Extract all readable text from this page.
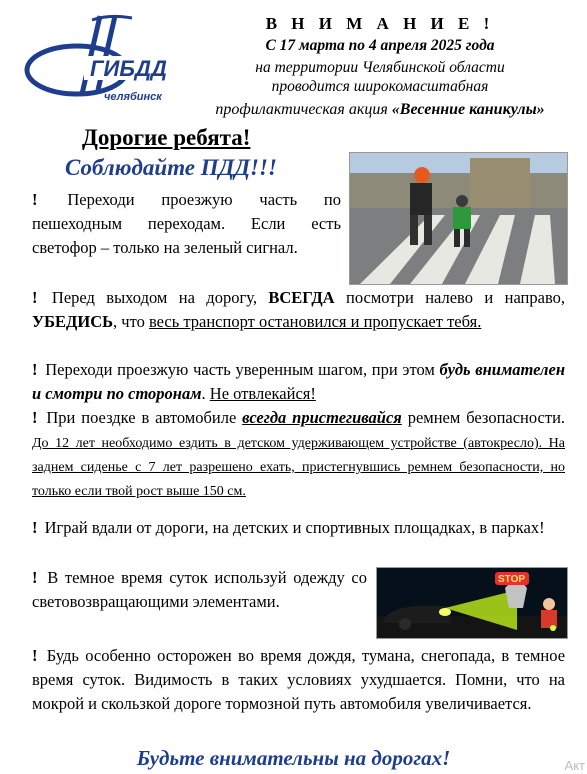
ГИБДД
челябинск
В Н И М А Н И Е !
С 17 марта по 4 апреля 2025 года
на территории Челябинской области
проводится широкомасштабная
профилактическая акция «Весенние каникулы»
Дорогие ребята!
Соблюдайте ПДД!!!
! Переходи проезжую часть по пешеходным переходам. Если есть светофор – только на зеленый сигнал.
! Перед выходом на дорогу, ВСЕГДА посмотри налево и направо, УБЕДИСЬ, что весь транспорт остановился и пропускает тебя.
! Переходи проезжую часть уверенным шагом, при этом будь внимателен и смотри по сторонам. Не отвлекайся!
! При поездке в автомобиле всегда пристегивайся ремнем безопасности. До 12 лет необходимо ездить в детском удерживающем устройстве (автокресло). На заднем сиденье с 7 лет разрешено ехать, пристегнувшись ремнем безопасности, но только если твой рост выше 150 см.
! Играй вдали от дороги, на детских и спортивных площадках, в парках!
STOP
! В темное время суток используй одежду со световозвращающими элементами.
! Будь особенно осторожен во время дождя, тумана, снегопада, в темное время суток. Видимость в таких условиях ухудшается. Помни, что на мокрой и скользкой дороге тормозной путь автомобиля увеличивается.
Будьте внимательны на дорогах!	Акт
